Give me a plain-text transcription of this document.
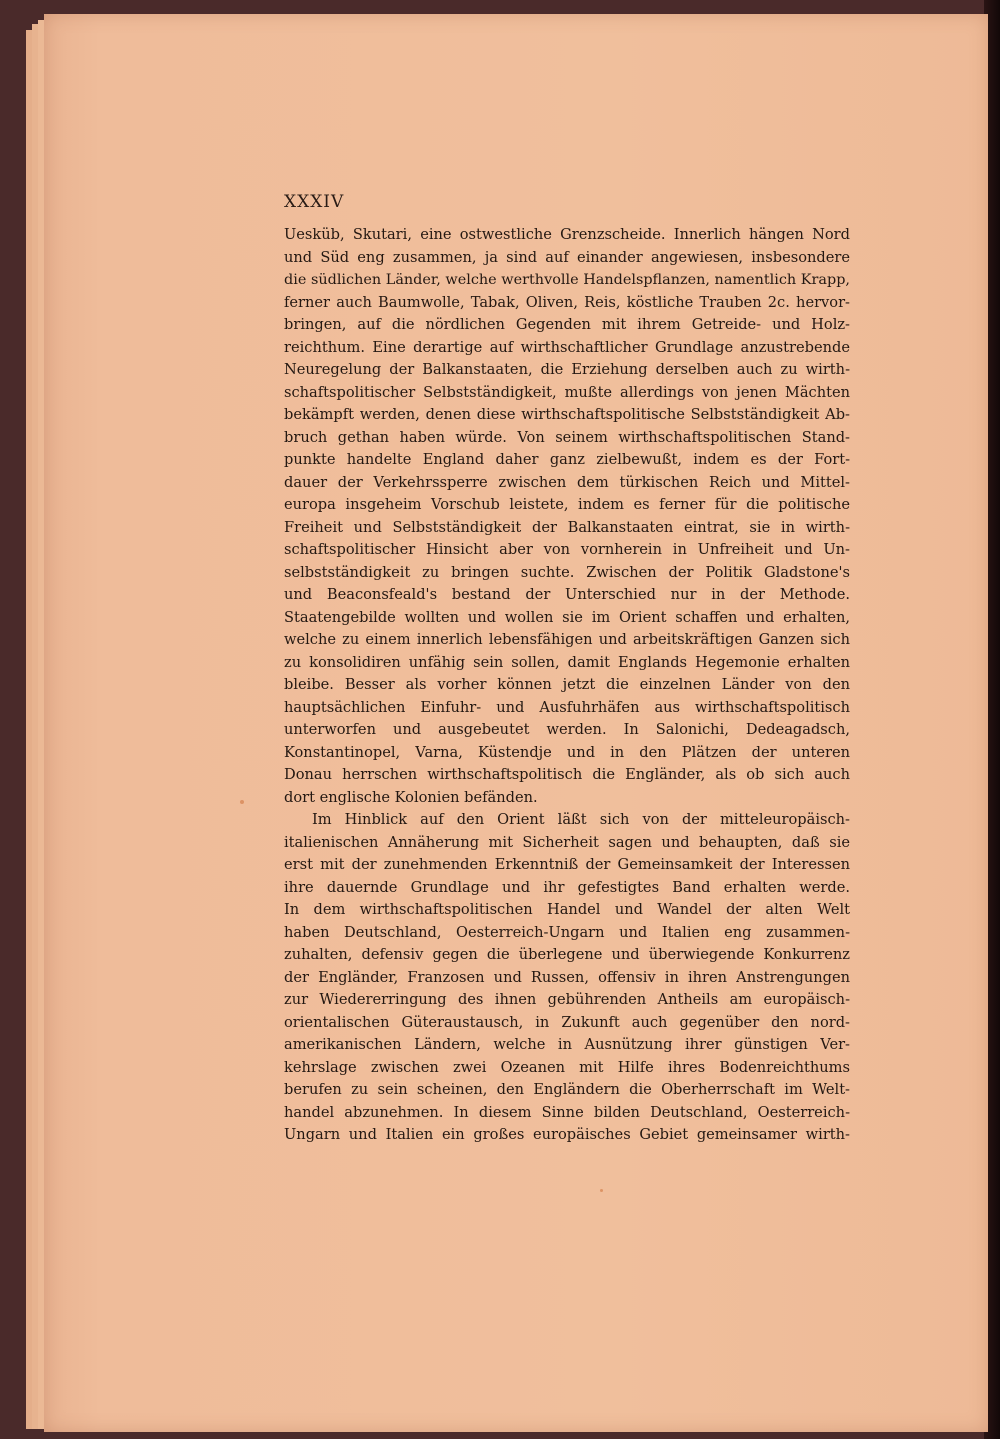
XXXIV
Uesküb, Skutari, eine ostwestliche Grenzscheide. Innerlich hängen Nord
und Süd eng zusammen, ja sind auf einander angewiesen, insbesondere
die südlichen Länder, welche werthvolle Handelspflanzen, namentlich Krapp,
ferner auch Baumwolle, Tabak, Oliven, Reis, köstliche Trauben 2c. hervor-
bringen, auf die nördlichen Gegenden mit ihrem Getreide- und Holz-
reichthum. Eine derartige auf wirthschaftlicher Grundlage anzustrebende
Neuregelung der Balkanstaaten, die Erziehung derselben auch zu wirth-
schaftspolitischer Selbstständigkeit, mußte allerdings von jenen Mächten
bekämpft werden, denen diese wirthschaftspolitische Selbstständigkeit Ab-
bruch gethan haben würde. Von seinem wirthschaftspolitischen Stand-
punkte handelte England daher ganz zielbewußt, indem es der Fort-
dauer der Verkehrssperre zwischen dem türkischen Reich und Mittel-
europa insgeheim Vorschub leistete, indem es ferner für die politische
Freiheit und Selbstständigkeit der Balkanstaaten eintrat, sie in wirth-
schaftspolitischer Hinsicht aber von vornherein in Unfreiheit und Un-
selbstständigkeit zu bringen suchte. Zwischen der Politik Gladstone's
und Beaconsfeald's bestand der Unterschied nur in der Methode.
Staatengebilde wollten und wollen sie im Orient schaffen und erhalten,
welche zu einem innerlich lebensfähigen und arbeitskräftigen Ganzen sich
zu konsolidiren unfähig sein sollen, damit Englands Hegemonie erhalten
bleibe. Besser als vorher können jetzt die einzelnen Länder von den
hauptsächlichen Einfuhr- und Ausfuhrhäfen aus wirthschaftspolitisch
unterworfen und ausgebeutet werden. In Salonichi, Dedeagadsch,
Konstantinopel, Varna, Küstendje und in den Plätzen der unteren
Donau herrschen wirthschaftspolitisch die Engländer, als ob sich auch
dort englische Kolonien befänden.
Im Hinblick auf den Orient läßt sich von der mitteleuropäisch-
italienischen Annäherung mit Sicherheit sagen und behaupten, daß sie
erst mit der zunehmenden Erkenntniß der Gemeinsamkeit der Interessen
ihre dauernde Grundlage und ihr gefestigtes Band erhalten werde.
In dem wirthschaftspolitischen Handel und Wandel der alten Welt
haben Deutschland, Oesterreich-Ungarn und Italien eng zusammen-
zuhalten, defensiv gegen die überlegene und überwiegende Konkurrenz
der Engländer, Franzosen und Russen, offensiv in ihren Anstrengungen
zur Wiedererringung des ihnen gebührenden Antheils am europäisch-
orientalischen Güteraustausch, in Zukunft auch gegenüber den nord-
amerikanischen Ländern, welche in Ausnützung ihrer günstigen Ver-
kehrslage zwischen zwei Ozeanen mit Hilfe ihres Bodenreichthums
berufen zu sein scheinen, den Engländern die Oberherrschaft im Welt-
handel abzunehmen. In diesem Sinne bilden Deutschland, Oesterreich-
Ungarn und Italien ein großes europäisches Gebiet gemeinsamer wirth-
